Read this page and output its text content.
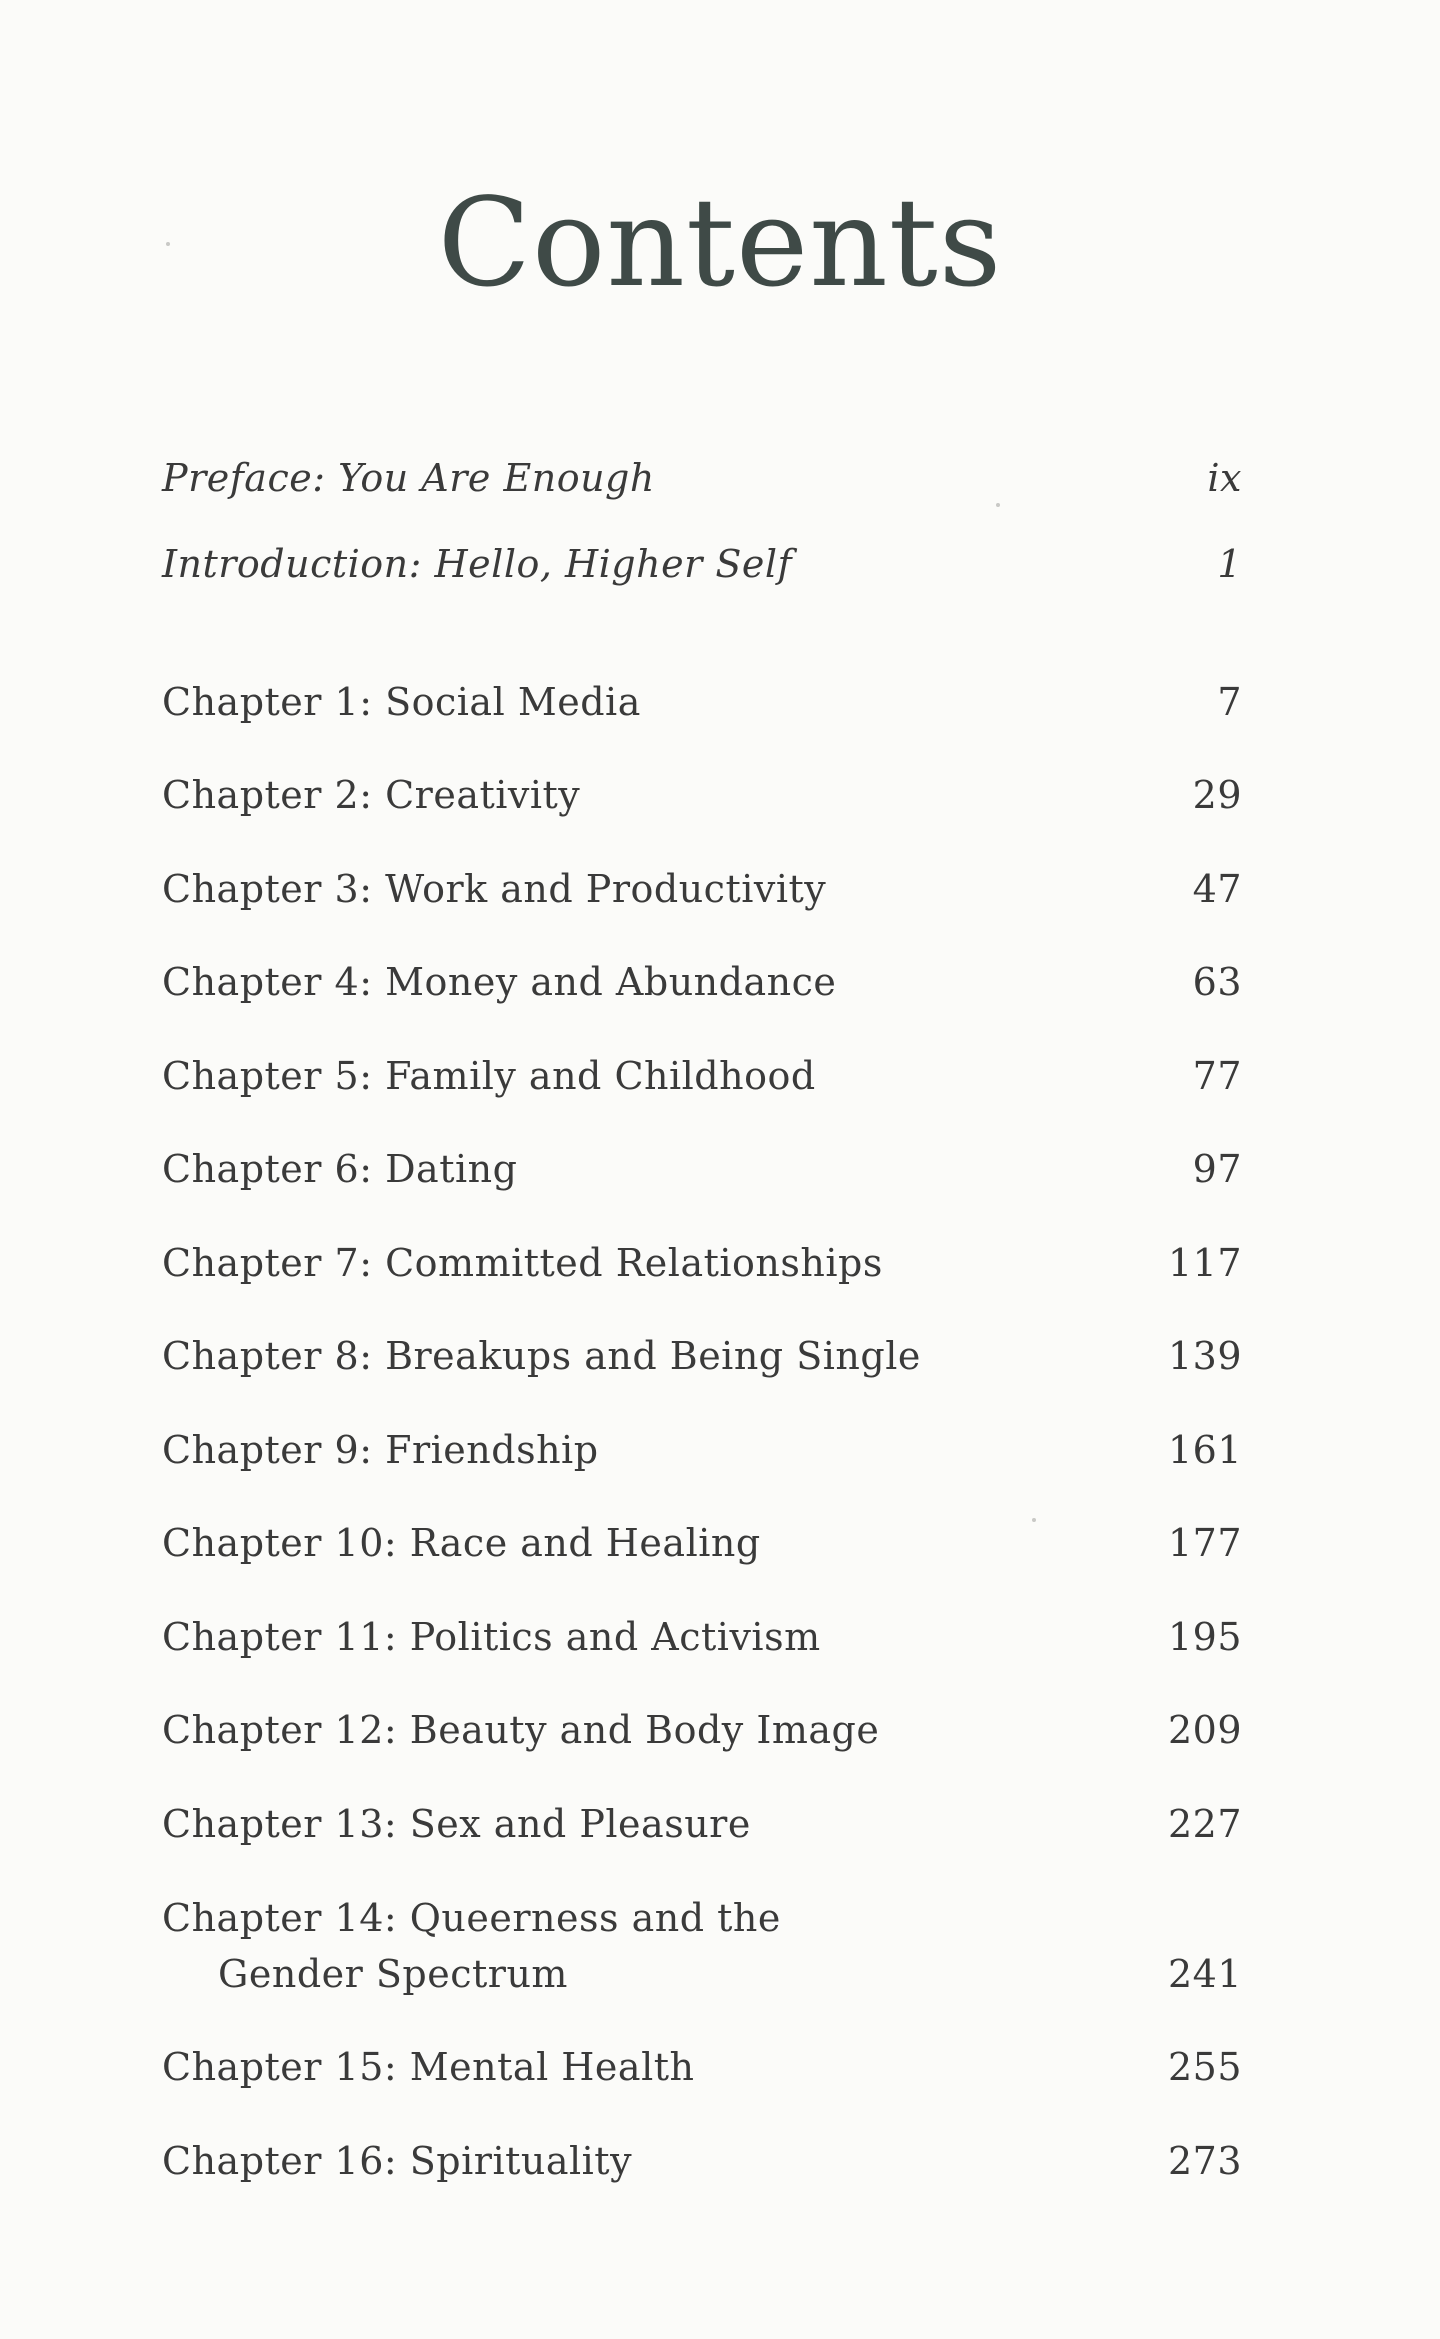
Contents
Preface: You Are Enough	ix
Introduction: Hello, Higher Self	1
Chapter 1: Social Media	7
Chapter 2: Creativity	29
Chapter 3: Work and Productivity	47
Chapter 4: Money and Abundance	63
Chapter 5: Family and Childhood	77
Chapter 6: Dating	97
Chapter 7: Committed Relationships	117
Chapter 8: Breakups and Being Single	139
Chapter 9: Friendship	161
Chapter 10: Race and Healing	177
Chapter 11: Politics and Activism	195
Chapter 12: Beauty and Body Image	209
Chapter 13: Sex and Pleasure	227
Chapter 14: Queerness and the
Gender Spectrum	241
Chapter 15: Mental Health	255
Chapter 16: Spirituality	273
